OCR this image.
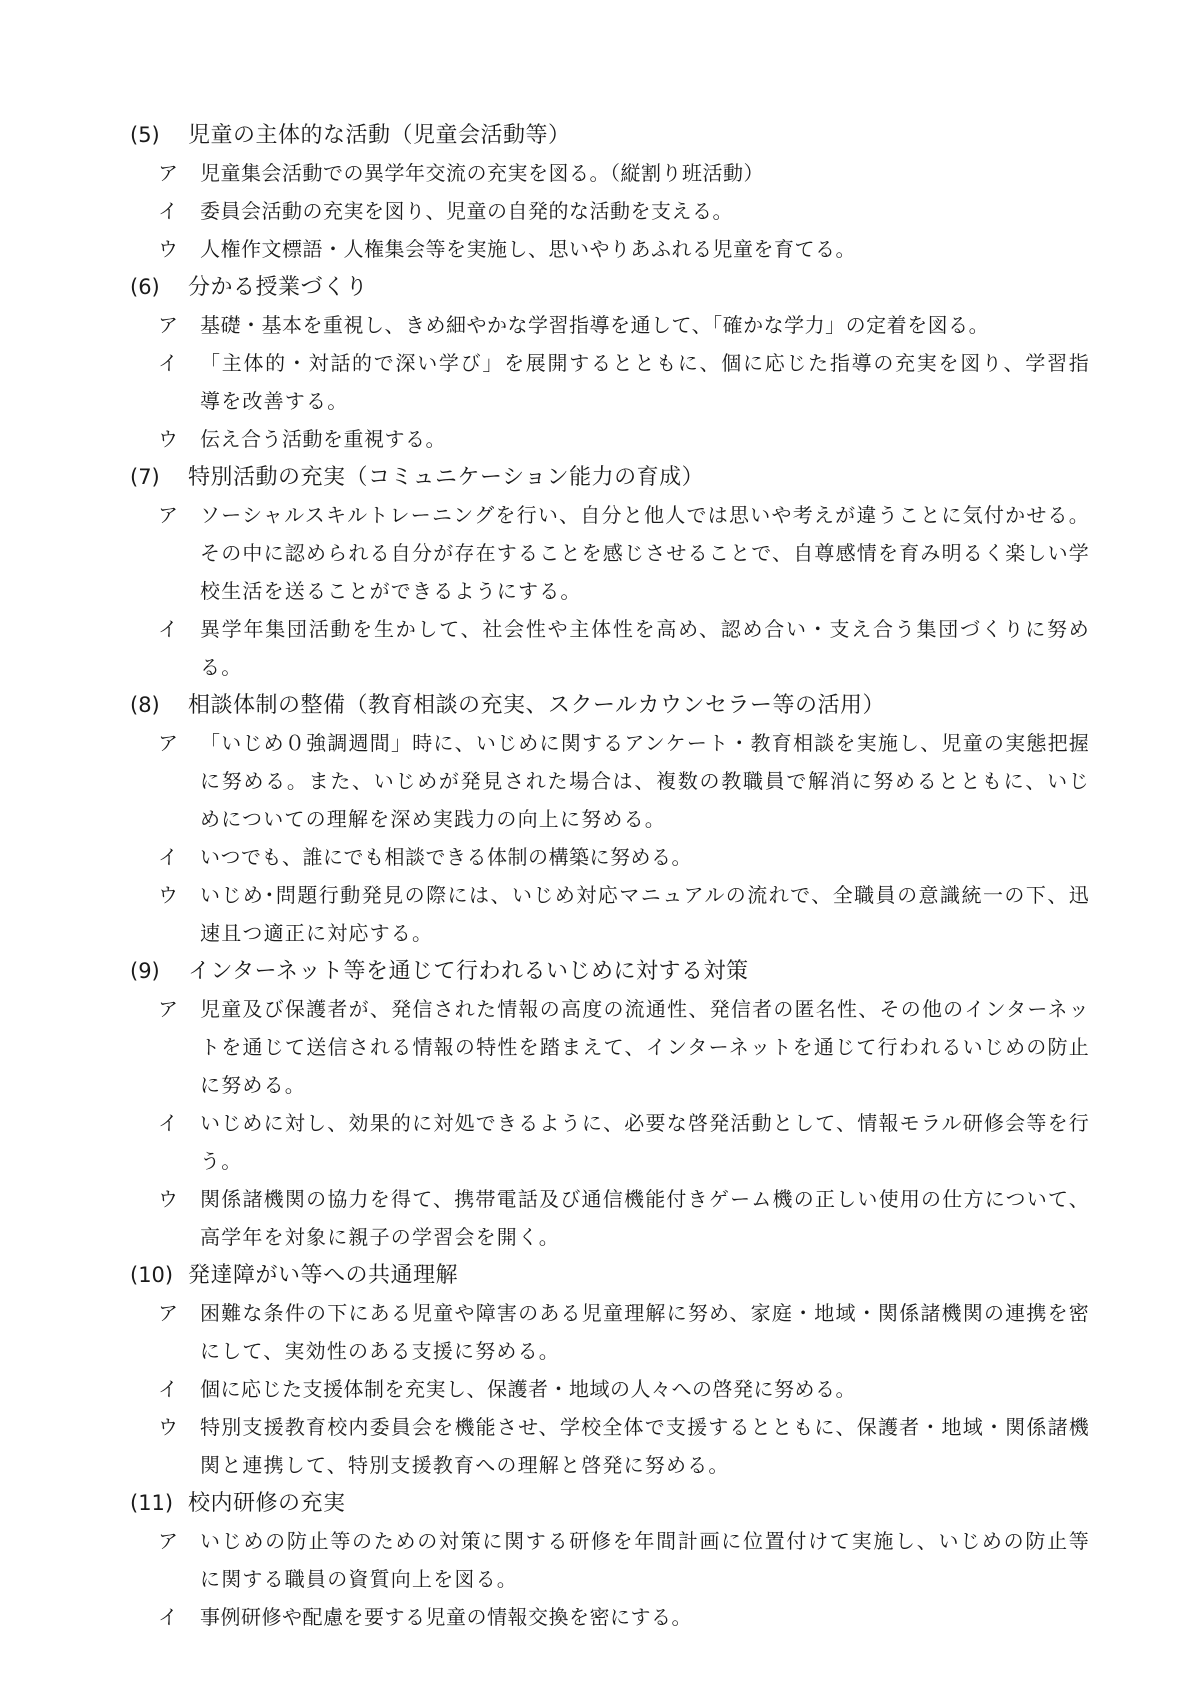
(5)	児童の主体的な活動（児童会活動等）
ア	児童集会活動での異学年交流の充実を図る。（縦割り班活動）
イ	委員会活動の充実を図り、児童の自発的な活動を支える。
ウ	人権作文標語・人権集会等を実施し、思いやりあふれる児童を育てる。
(6)	分かる授業づくり
ア	基礎・基本を重視し、きめ細やかな学習指導を通して、「確かな学力」の定着を図る。
イ	「主体的・対話的で深い学び」を展開するとともに、個に応じた指導の充実を図り、学習指導を改善する。
ウ	伝え合う活動を重視する。
(7)	特別活動の充実（コミュニケーション能力の育成）
ア	ソーシャルスキルトレーニングを行い、自分と他人では思いや考えが違うことに気付かせる。その中に認められる自分が存在することを感じさせることで、自尊感情を育み明るく楽しい学校生活を送ることができるようにする。
イ	異学年集団活動を生かして、社会性や主体性を高め、認め合い・支え合う集団づくりに努める。
(8)	相談体制の整備（教育相談の充実、スクールカウンセラー等の活用）
ア	「いじめ０強調週間」時に、いじめに関するアンケート・教育相談を実施し、児童の実態把握に努める。また、いじめが発見された場合は、複数の教職員で解消に努めるとともに、いじめについての理解を深め実践力の向上に努める。
イ	いつでも、誰にでも相談できる体制の構築に努める。
ウ	いじめ･問題行動発見の際には、いじめ対応マニュアルの流れで、全職員の意識統一の下、迅速且つ適正に対応する。
(9)	インターネット等を通じて行われるいじめに対する対策
ア	児童及び保護者が、発信された情報の高度の流通性、発信者の匿名性、その他のインターネットを通じて送信される情報の特性を踏まえて、インターネットを通じて行われるいじめの防止に努める。
イ	いじめに対し、効果的に対処できるように、必要な啓発活動として、情報モラル研修会等を行う。
ウ	関係諸機関の協力を得て、携帯電話及び通信機能付きゲーム機の正しい使用の仕方について、高学年を対象に親子の学習会を開く。
(10) 発達障がい等への共通理解
ア	困難な条件の下にある児童や障害のある児童理解に努め、家庭・地域・関係諸機関の連携を密にして、実効性のある支援に努める。
イ	個に応じた支援体制を充実し、保護者・地域の人々への啓発に努める。
ウ	特別支援教育校内委員会を機能させ、学校全体で支援するとともに、保護者・地域・関係諸機関と連携して、特別支援教育への理解と啓発に努める。
(11) 校内研修の充実
ア	いじめの防止等のための対策に関する研修を年間計画に位置付けて実施し、いじめの防止等に関する職員の資質向上を図る。
イ	事例研修や配慮を要する児童の情報交換を密にする。
